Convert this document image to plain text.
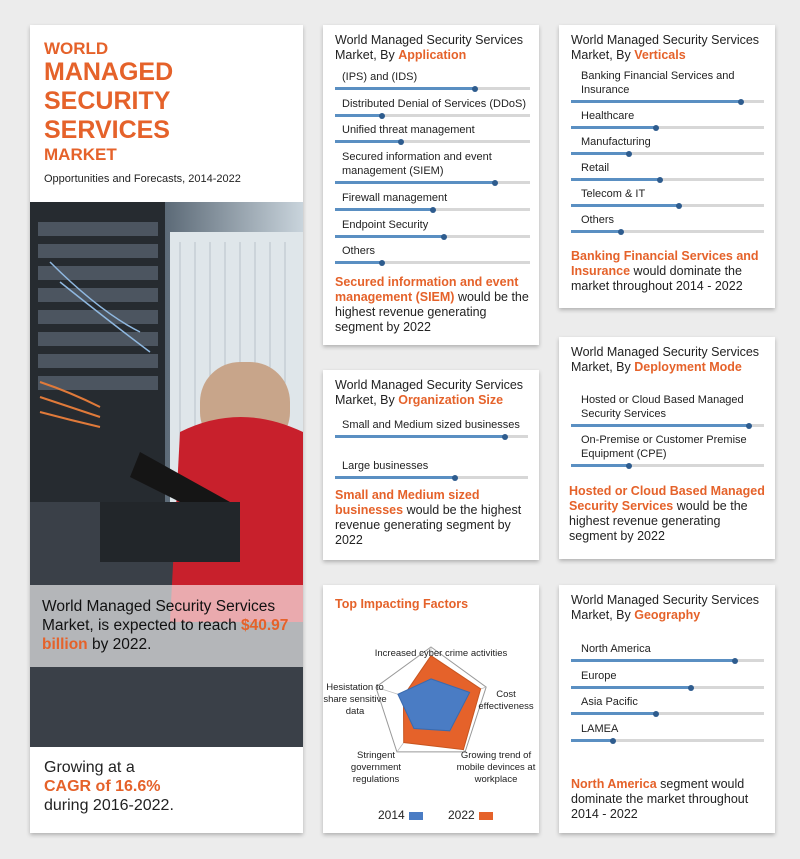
WORLD
MANAGED
SECURITY
SERVICES
MARKET
Opportunities and Forecasts, 2014-2022
World Managed Security Services Market, is expected to reach $40.97 billion by 2022.
Growing at a
CAGR of 16.6%
during 2016-2022.
World Managed Security Services Market, By Application
Secured information and event management (SIEM) would be the highest revenue generating segment by 2022
(IPS) and (IDS)
Distributed Denial of Services (DDoS)
Unified threat management
Secured information and event management (SIEM)
Firewall management
Endpoint Security
Others
World Managed Security Services Market, By Verticals
Banking Financial Services and Insurance would dominate the market throughout 2014 - 2022
Banking Financial Services and Insurance
Healthcare
Manufacturing
Retail
Telecom & IT
Others
World Managed Security Services Market, By Organization Size
Small and Medium sized businesses would be the highest revenue generating segment by 2022
Small and Medium sized businesses
Large businesses
World Managed Security Services Market, By Deployment Mode
Hosted or Cloud Based Managed Security Services would be the highest revenue generating segment by 2022
Hosted or Cloud Based Managed Security Services
On-Premise or Customer Premise Equipment (CPE)
Top Impacting Factors
Increased cyber crime activities
Cost effectiveness
Growing trend of mobile devinces at workplace
Stringent government regulations
Hesistation to share sensitive data
2014	2022
World Managed Security Services Market, By Geography
North America segment would dominate the market throughout 2014 - 2022
North America
Europe
Asia Pacific
LAMEA
